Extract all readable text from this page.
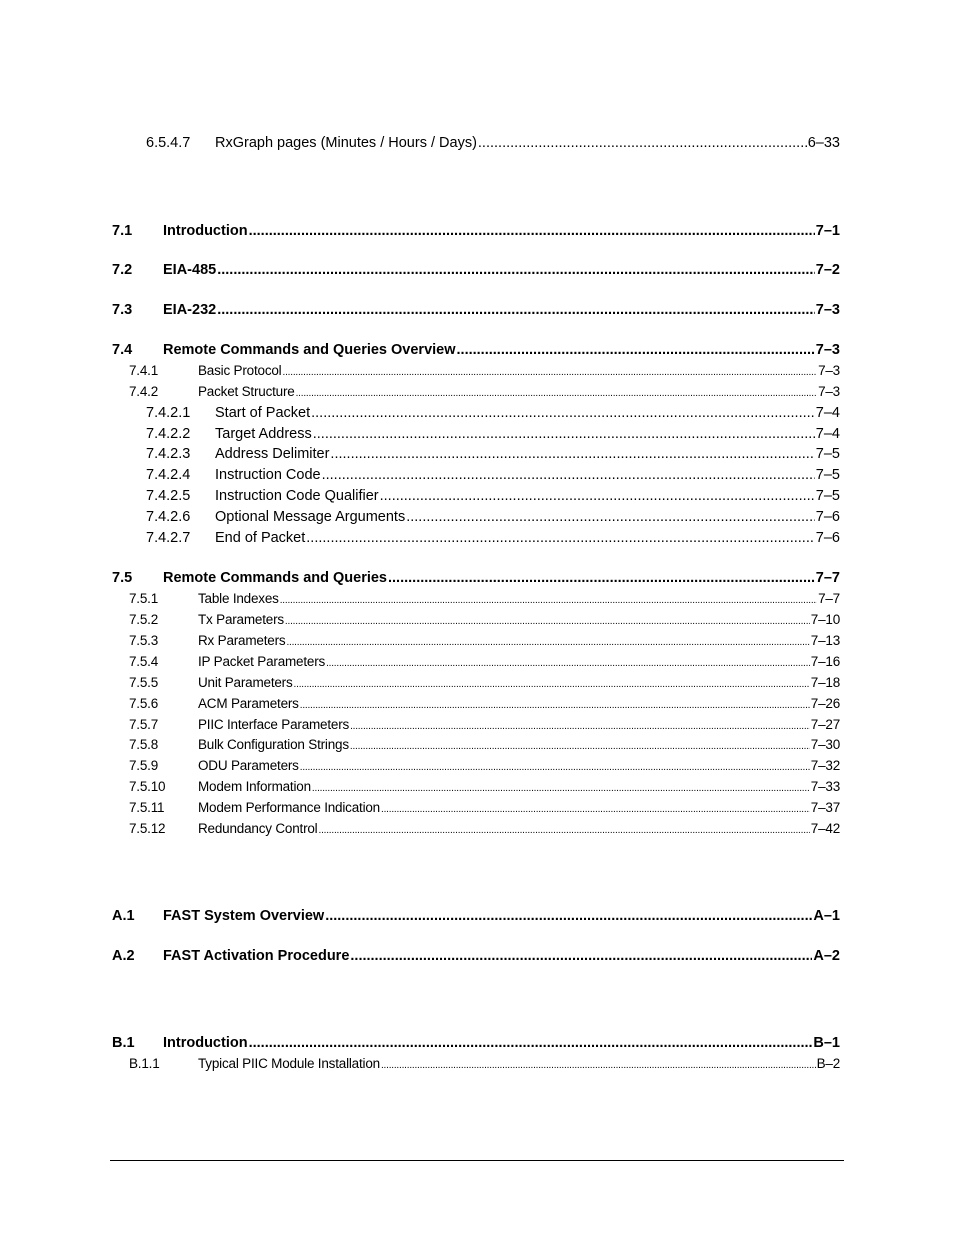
6.5.4.7	RxGraph pages (Minutes / Hours / Days) .....	6–33
7.1	Introduction .....	7–1
7.2	EIA-485 .....	7–2
7.3	EIA-232 .....	7–3
7.4	Remote Commands and Queries Overview .....	7–3
7.4.1	Basic Protocol .....	7–3
7.4.2	Packet Structure .....	7–3
7.4.2.1	Start of Packet .....	7–4
7.4.2.2	Target Address .....	7–4
7.4.2.3	Address Delimiter .....	7–5
7.4.2.4	Instruction Code .....	7–5
7.4.2.5	Instruction Code Qualifier .....	7–5
7.4.2.6	Optional Message Arguments .....	7–6
7.4.2.7	End of Packet .....	7–6
7.5	Remote Commands and Queries .....	7–7
7.5.1	Table Indexes .....	7–7
7.5.2	Tx Parameters .....	7–10
7.5.3	Rx Parameters .....	7–13
7.5.4	IP Packet Parameters .....	7–16
7.5.5	Unit Parameters .....	7–18
7.5.6	ACM Parameters .....	7–26
7.5.7	PIIC Interface Parameters .....	7–27
7.5.8	Bulk Configuration Strings .....	7–30
7.5.9	ODU Parameters .....	7–32
7.5.10	Modem Information .....	7–33
7.5.11	Modem Performance Indication .....	7–37
7.5.12	Redundancy Control .....	7–42
A.1	FAST System Overview .....	A–1
A.2	FAST Activation Procedure .....	A–2
B.1	Introduction .....	B–1
B.1.1	Typical PIIC Module Installation .....	B–2
